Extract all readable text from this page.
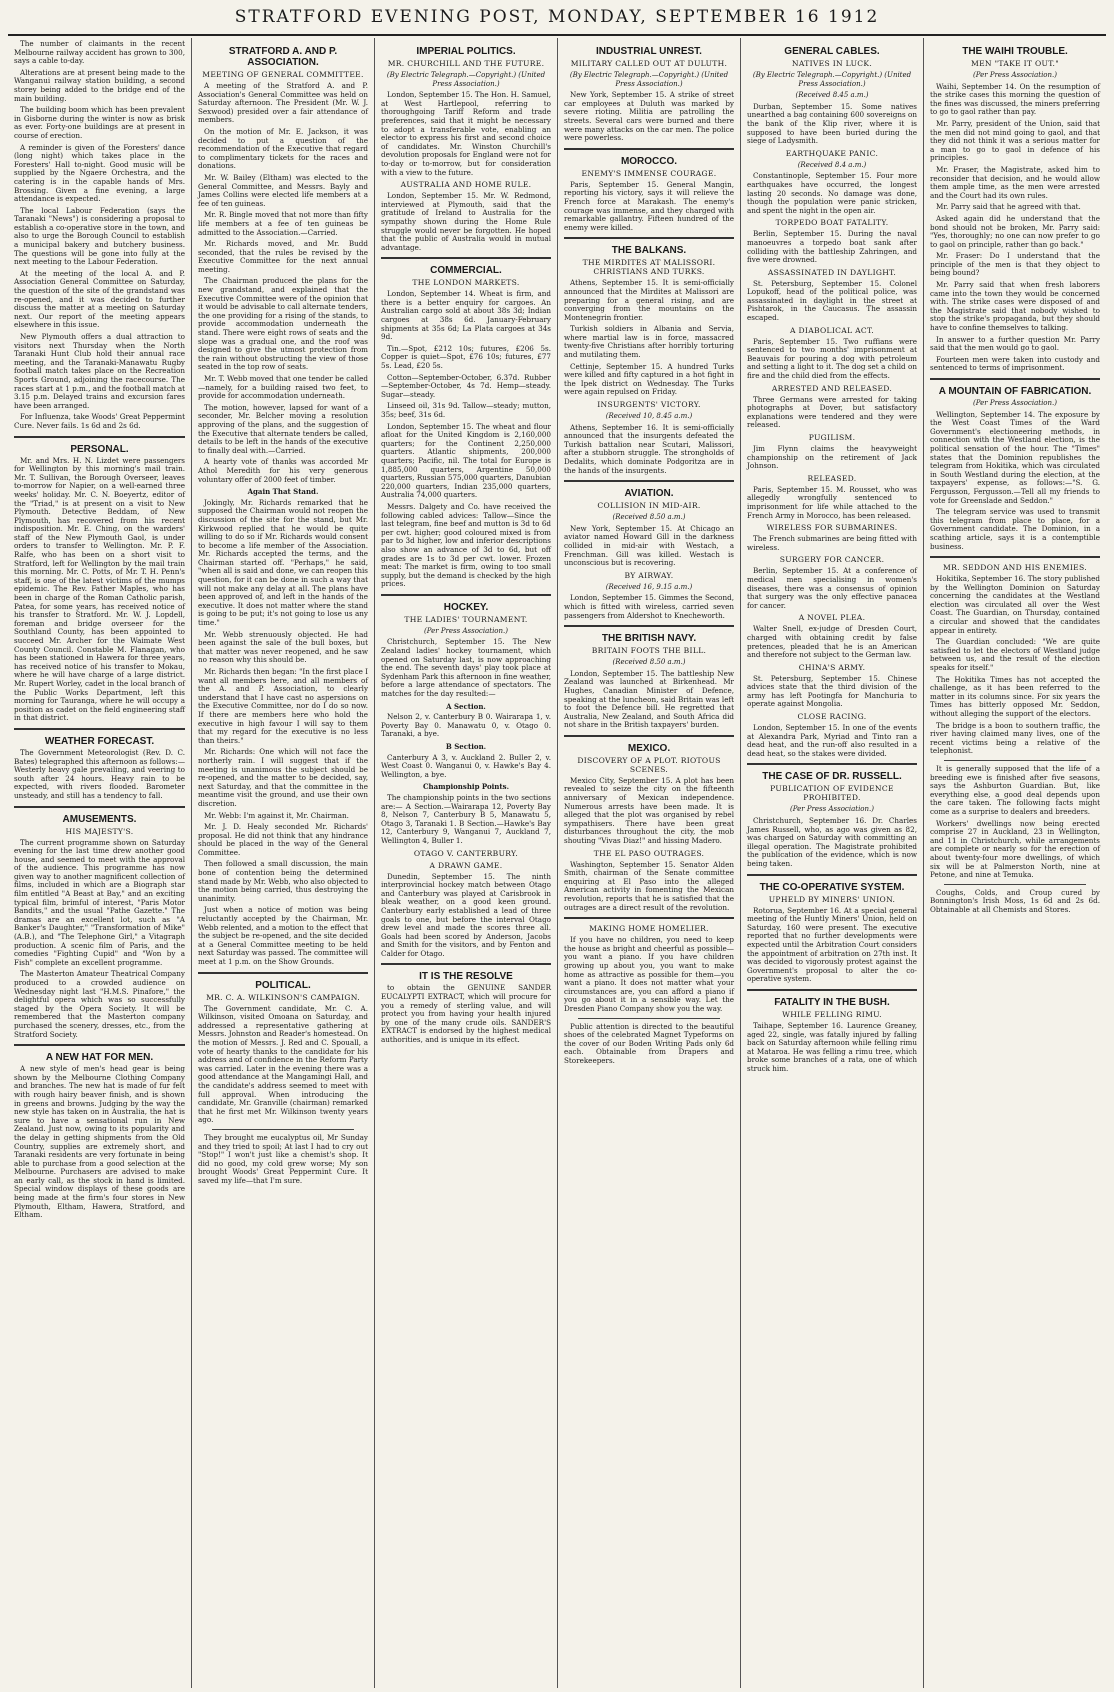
STRATFORD EVENING POST, MONDAY, SEPTEMBER 16 1912

The number of claimants in the recent Melbourne railway accident has grown to 300, says a cable to-day.

Alterations are at present being made to the Wanganui railway station building, a second storey being added to the bridge end of the main building.

The building boom which has been prevalent in Gisborne during the winter is now as brisk as ever. Forty-one buildings are at present in course of erection.

A reminder is given of the Foresters' dance (long night) which takes place in the Foresters' Hall to-night. Good music will be supplied by the Ngaere Orchestra, and the catering is in the capable hands of Mrs. Brossing. Given a fine evening, a large attendance is expected.

The local Labour Federation (says the Taranaki "News") is considering a proposal to establish a co-operative store in the town, and also to urge the Borough Council to establish a municipal bakery and butchery business. The questions will be gone into fully at the next meeting to the Labour Federation.

At the meeting of the local A. and P. Association General Committee on Saturday, the question of the site of the grandstand was re-opened, and it was decided to further discuss the matter at a meeting on Saturday next. Our report of the meeting appears elsewhere in this issue.

New Plymouth offers a dual attraction to visitors next Thursday when the North Taranaki Hunt Club hold their annual race meeting, and the Taranaki-Manawatu Rugby football match takes place on the Recreation Sports Ground, adjoining the racecourse. The races start at 1 p.m., and the football match at 3.15 p.m. Delayed trains and excursion fares have been arranged.

For Influenza, take Woods' Great Peppermint Cure. Never fails. 1s 6d and 2s 6d.

PERSONAL.

Mr. and Mrs. H. N. Lizdet were passengers for Wellington by this morning's mail train. Mr. T. Sullivan, the Borough Overseer, leaves to-morrow for Napier, on a well-earned three weeks' holiday. Mr. C. N. Boeyertz, editor of the "Triad," is at present on a visit to New Plymouth. Detective Beddam, of New Plymouth, has recovered from his recent indisposition. Mr. E. Ching, on the warders' staff of the New Plymouth Gaol, is under orders to transfer to Wellington. Mr. P. F. Ralfe, who has been on a short visit to Stratford, left for Wellington by the mail train this morning. Mr. C. Potts, of Mr. T. H. Penn's staff, is one of the latest victims of the mumps epidemic. The Rev. Father Maples, who has been in charge of the Roman Catholic parish, Patea, for some years, has received notice of his transfer to Stratford. Mr. W. J. Lopdell, foreman and bridge overseer for the Southland County, has been appointed to succeed Mr. Archer for the Waimate West County Council. Constable M. Flanagan, who has been stationed in Hawera for three years, has received notice of his transfer to Mokau, where he will have charge of a large district. Mr. Rupert Worley, cadet in the local branch of the Public Works Department, left this morning for Tauranga, where he will occupy a position as cadet on the field engineering staff in that district.

WEATHER FORECAST.

The Government Meteorologist (Rev. D. C. Bates) telegraphed this afternoon as follows:— Westerly heavy gale prevailing, and veering to south after 24 hours. Heavy rain to be expected, with rivers flooded. Barometer unsteady, and still has a tendency to fall.

AMUSEMENTS.
HIS MAJESTY'S.

The current programme shown on Saturday evening for the last time drew another good house, and seemed to meet with the approval of the audience. This programme has now given way to another magnificent collection of films, included in which are a Biograph star film entitled "A Beast at Bay," and an exciting typical film, brimful of interest, "Paris Motor Bandits," and the usual "Pathe Gazette." The dramas are an excellent lot, such as "A Banker's Daughter," "Transformation of Mike" (A.B.), and "The Telephone Girl," a Vitagraph production. A scenic film of Paris, and the comedies "Fighting Cupid" and "Won by a Fish" complete an excellent programme.

The Masterton Amateur Theatrical Company produced to a crowded audience on Wednesday night last "H.M.S. Pinafore," the delightful opera which was so successfully staged by the Opera Society. It will be remembered that the Masterton company purchased the scenery, dresses, etc., from the Stratford Society.

A NEW HAT FOR MEN.

A new style of men's head gear is being shown by the Melbourne Clothing Company and branches. The new hat is made of fur felt with rough hairy beaver finish, and is shown in greens and browns. Judging by the way the new style has taken on in Australia, the hat is sure to have a sensational run in New Zealand. Just now, owing to its popularity and the delay in getting shipments from the Old Country, supplies are extremely short, and Taranaki residents are very fortunate in being able to purchase from a good selection at the Melbourne. Purchasers are advised to make an early call, as the stock in hand is limited. Special window displays of these goods are being made at the firm's four stores in New Plymouth, Eltham, Hawera, Stratford, and Eltham.

STRATFORD A. AND P. ASSOCIATION.
MEETING OF GENERAL COMMITTEE.

A meeting of the Stratford A. and P. Association's General Committee was held on Saturday afternoon. The President (Mr. W. J. Sexwood) presided over a fair attendance of members.

On the motion of Mr. E. Jackson, it was decided to put a question of the recommendation of the Executive that regard to complimentary tickets for the races and donations.

Mr. W. Bailey (Eltham) was elected to the General Committee, and Messrs. Bayly and James Collins were elected life members at a fee of ten guineas.

Mr. R. Bingle moved that not more than fifty life members at a fee of ten guineas be admitted to the Association.—Carried.

Mr. Richards moved, and Mr. Budd seconded, that the rules be revised by the Executive Committee for the next annual meeting.

The Chairman produced the plans for the new grandstand, and explained that the Executive Committee were of the opinion that it would be advisable to call alternate tenders, the one providing for a rising of the stands, to provide accommodation underneath the stand. There were eight rows of seats and the slope was a gradual one, and the roof was designed to give the utmost protection from the rain without obstructing the view of those seated in the top row of seats.

Mr. T. Webb moved that one tender be called—namely, for a building raised two feet, to provide for accommodation underneath.

The motion, however, lapsed for want of a seconder, Mr. Belcher moving a resolution approving of the plans, and the suggestion of the Executive that alternate tenders be called, details to be left in the hands of the executive to finally deal with.—Carried.

A hearty vote of thanks was accorded Mr Athol Meredith for his very generous voluntary offer of 2000 feet of timber.

Again That Stand.

Jokingly, Mr. Richards remarked that he supposed the Chairman would not reopen the discussion of the site for the stand, but Mr. Kirkwood replied that he would be quite willing to do so if Mr. Richards would consent to become a life member of the Association. Mr. Richards accepted the terms, and the Chairman started off. "Perhaps," he said, "when all is said and done, we can reopen this question, for it can be done in such a way that will not make any delay at all. The plans have been approved of, and left in the hands of the executive. It does not matter where the stand is going to be put; it's not going to lose us any time."

Mr. Webb strenuously objected. He had been against the sale of the bull boxes, but that matter was never reopened, and he saw no reason why this should be.

Mr. Richards then began: "In the first place I want all members here, and all members of the A. and P. Association, to clearly understand that I have cast no aspersions on the Executive Committee, nor do I do so now. If there are members here who hold the executive in high favour I will say to them that my regard for the executive is no less than theirs."

Mr. Richards: One which will not face the northerly rain. I will suggest that if the meeting is unanimous the subject should be re-opened, and the matter to be decided, say, next Saturday, and that the committee in the meantime visit the ground, and use their own discretion.

Mr. Webb: I'm against it, Mr. Chairman.

Mr. J. D. Healy seconded Mr. Richards' proposal. He did not think that any hindrance should be placed in the way of the General Committee.

Then followed a small discussion, the main bone of contention being the determined stand made by Mr. Webb, who also objected to the motion being carried, thus destroying the unanimity.

Just when a notice of motion was being reluctantly accepted by the Chairman, Mr. Webb relented, and a motion to the effect that the subject be re-opened, and the site decided at a General Committee meeting to be held next Saturday was passed. The committee will meet at 1 p.m. on the Show Grounds.

POLITICAL.
MR. C. A. WILKINSON'S CAMPAIGN.

The Government candidate, Mr. C. A. Wilkinson, visited Omoana on Saturday, and addressed a representative gathering at Messrs. Johnston and Reader's homestead. On the motion of Messrs. J. Red and C. Spouall, a vote of hearty thanks to the candidate for his address and of confidence in the Reform Party was carried. Later in the evening there was a good attendance at the Mangamingi Hall, and the candidate's address seemed to meet with full approval. When introducing the candidate, Mr. Granville (chairman) remarked that he first met Mr. Wilkinson twenty years ago.

They brought me eucalyptus oil, Mr Sunday and they tried to spoil; At last I had to cry out "Stop!" I won't just like a chemist's shop. It did no good, my cold grew worse; My son brought Woods' Great Peppermint Cure. It saved my life—that I'm sure.

IMPERIAL POLITICS.
MR. CHURCHILL AND THE FUTURE.
(By Electric Telegraph.—Copyright.) (United Press Association.)

London, September 15. The Hon. H. Samuel, at West Hartlepool, referring to thoroughgoing Tariff Reform and trade preferences, said that it might be necessary to adopt a transferable vote, enabling an elector to express his first and second choice of candidates. Mr. Winston Churchill's devolution proposals for England were not for to-day or to-morrow, but for consideration with a view to the future.

AUSTRALIA AND HOME RULE.

London, September 15. Mr. W. Redmond, interviewed at Plymouth, said that the gratitude of Ireland to Australia for the sympathy shown during the Home Rule struggle would never be forgotten. He hoped that the public of Australia would in mutual advantage.

COMMERCIAL.
THE LONDON MARKETS.

London, September 14. Wheat is firm, and there is a better enquiry for cargoes. An Australian cargo sold at about 38s 3d; Indian cargoes at 38s 6d. January-February shipments at 35s 6d; La Plata cargoes at 34s 9d.

Tin.—Spot, £212 10s; futures, £206 5s. Copper is quiet—Spot, £76 10s; futures, £77 5s. Lead, £20 5s.

Cotton—September-October, 6.37d. Rubber—September-October, 4s 7d. Hemp—steady. Sugar—steady.

Linseed oil, 31s 9d. Tallow—steady; mutton, 35s; beef, 31s 6d.

London, September 15. The wheat and flour afloat for the United Kingdom is 2,160,000 quarters; for the Continent 2,250,000 quarters. Atlantic shipments, 200,000 quarters; Pacific, nil. The total for Europe is 1,885,000 quarters, Argentine 50,000 quarters, Russian 575,000 quarters, Danubian 220,000 quarters, Indian 235,000 quarters, Australia 74,000 quarters.

Messrs. Dalgety and Co. have received the following cabled advices: Tallow—Since the last telegram, fine beef and mutton is 3d to 6d per cwt. higher; good coloured mixed is from par to 3d higher, low and inferior descriptions also show an advance of 3d to 6d, but off grades are 1s to 3d per cwt. lower. Frozen meat: The market is firm, owing to too small supply, but the demand is checked by the high prices.

HOCKEY.
THE LADIES' TOURNAMENT.
(Per Press Association.)

Christchurch, September 15. The New Zealand ladies' hockey tournament, which opened on Saturday last, is now approaching the end. The seventh days' play took place at Sydenham Park this afternoon in fine weather, before a large attendance of spectators. The matches for the day resulted:—

A Section.

Nelson 2, v. Canterbury B 0. Wairarapa 1, v. Poverty Bay 0. Manawatu 0, v. Otago 0. Taranaki, a bye.

B Section.

Canterbury A 3, v. Auckland 2. Buller 2, v. West Coast 0. Wanganui 0, v. Hawke's Bay 4. Wellington, a bye.

Championship Points.

The championship points in the two sections are:— A Section.—Wairarapa 12, Poverty Bay 8, Nelson 7, Canterbury B 5, Manawatu 5, Otago 3, Taranaki 1. B Section.—Hawke's Bay 12, Canterbury 9, Wanganui 7, Auckland 7, Wellington 4, Buller 1.

OTAGO V. CANTERBURY.
A DRAWN GAME.

Dunedin, September 15. The ninth interprovincial hockey match between Otago and Canterbury was played at Carisbrook in bleak weather, on a good keen ground. Canterbury early established a lead of three goals to one, but before the interval Otago drew level and made the scores three all. Goals had been scored by Anderson, Jacobs and Smith for the visitors, and by Fenton and Calder for Otago.

IT IS THE RESOLVE

to obtain the GENUINE SANDER EUCALYPTI EXTRACT, which will procure for you a remedy of sterling value, and will protect you from having your health injured by one of the many crude oils. SANDER'S EXTRACT is endorsed by the highest medical authorities, and is unique in its effect.

INDUSTRIAL UNREST.
MILITARY CALLED OUT AT DULUTH.
(By Electric Telegraph.—Copyright.) (United Press Association.)

New York, September 15. A strike of street car employees at Duluth was marked by severe rioting. Militia are patrolling the streets. Several cars were burned and there were many attacks on the car men. The police were powerless.

MOROCCO.
ENEMY'S IMMENSE COURAGE.

Paris, September 15. General Mangin, reporting his victory, says it will relieve the French force at Marakash. The enemy's courage was immense, and they charged with remarkable gallantry. Fifteen hundred of the enemy were killed.

THE BALKANS.
THE MIRDITES AT MALISSORI. CHRISTIANS AND TURKS.

Athens, September 15. It is semi-officially announced that the Mirdites at Malissori are preparing for a general rising, and are converging from the mountains on the Montenegrin frontier.

Turkish soldiers in Albania and Servia, where martial law is in force, massacred twenty-five Christians after horribly torturing and mutilating them.

Cettinje, September 15. A hundred Turks were killed and fifty captured in a hot fight in the Ipek district on Wednesday. The Turks were again repulsed on Friday.

INSURGENTS' VICTORY.
(Received 10, 8.45 a.m.)

Athens, September 16. It is semi-officially announced that the insurgents defeated the Turkish battalion near Scutari, Malissori, after a stubborn struggle. The strongholds of Dedalits, which dominate Podgoritza are in the hands of the insurgents.

AVIATION.
COLLISION IN MID-AIR.
(Received 8.50 a.m.)

New York, September 15. At Chicago an aviator named Howard Gill in the darkness collided in mid-air with Westach, a Frenchman. Gill was killed. Westach is unconscious but is recovering.

BY AIRWAY.
(Received 16, 9.15 a.m.)

London, September 15. Gimmes the Second, which is fitted with wireless, carried seven passengers from Aldershot to Knecheworth.

THE BRITISH NAVY.
BRITAIN FOOTS THE BILL.
(Received 8.50 a.m.)

London, September 15. The battleship New Zealand was launched at Birkenhead. Mr Hughes, Canadian Minister of Defence, speaking at the luncheon, said Britain was left to foot the Defence bill. He regretted that Australia, New Zealand, and South Africa did not share in the British taxpayers' burden.

MEXICO.
DISCOVERY OF A PLOT. RIOTOUS SCENES.

Mexico City, September 15. A plot has been revealed to seize the city on the fifteenth anniversary of Mexican independence. Numerous arrests have been made. It is alleged that the plot was organised by rebel sympathisers. There have been great disturbances throughout the city, the mob shouting "Vivas Diaz!" and hissing Madero.

THE EL PASO OUTRAGES.

Washington, September 15. Senator Alden Smith, chairman of the Senate committee enquiring at El Paso into the alleged American activity in fomenting the Mexican revolution, reports that he is satisfied that the outrages are a direct result of the revolution.

MAKING HOME HOMELIER.

If you have no children, you need to keep the house as bright and cheerful as possible—you want a piano. If you have children growing up about you, you want to make home as attractive as possible for them—you want a piano. It does not matter what your circumstances are, you can afford a piano if you go about it in a sensible way. Let the Dresden Piano Company show you the way.

Public attention is directed to the beautiful shoes of the celebrated Magnet Typeforms on the cover of our Boden Writing Pads only 6d each. Obtainable from Drapers and Storekeepers.

GENERAL CABLES.
NATIVES IN LUCK.
(By Electric Telegraph.—Copyright.) (United Press Association.)
(Received 8.45 a.m.)

Durban, September 15. Some natives unearthed a bag containing 600 sovereigns on the bank of the Klip river, where it is supposed to have been buried during the siege of Ladysmith.

EARTHQUAKE PANIC.
(Received 8.4 a.m.)

Constantinople, September 15. Four more earthquakes have occurred, the longest lasting 20 seconds. No damage was done, though the population were panic stricken, and spent the night in the open air.

TORPEDO BOAT FATALITY.

Berlin, September 15. During the naval manoeuvres a torpedo boat sank after colliding with the battleship Zahringen, and five were drowned.

ASSASSINATED IN DAYLIGHT.

St. Petersburg, September 15. Colonel Lopukoff, head of the political police, was assassinated in daylight in the street at Pishtarok, in the Caucasus. The assassin escaped.

A DIABOLICAL ACT.

Paris, September 15. Two ruffians were sentenced to two months' imprisonment at Beauvais for pouring a dog with petroleum and setting a light to it. The dog set a child on fire and the child died from the effects.

ARRESTED AND RELEASED.

Three Germans were arrested for taking photographs at Dover, but satisfactory explanations were tendered and they were released.

PUGILISM.

Jim Flynn claims the heavyweight championship on the retirement of Jack Johnson.

RELEASED.

Paris, September 15. M. Rousset, who was allegedly wrongfully sentenced to imprisonment for life while attached to the French Army in Morocco, has been released.

WIRELESS FOR SUBMARINES.

The French submarines are being fitted with wireless.

SURGERY FOR CANCER.

Berlin, September 15. At a conference of medical men specialising in women's diseases, there was a consensus of opinion that surgery was the only effective panacea for cancer.

A NOVEL PLEA.

Walter Snell, ex-judge of Dresden Court, charged with obtaining credit by false pretences, pleaded that he is an American and therefore not subject to the German law.

CHINA'S ARMY.

St. Petersburg, September 15. Chinese advices state that the third division of the army has left Pootingfa for Manchuria to operate against Mongolia.

CLOSE RACING.

London, September 15. In one of the events at Alexandra Park, Myriad and Tinto ran a dead heat, and the run-off also resulted in a dead heat, so the stakes were divided.

THE CASE OF DR. RUSSELL.
PUBLICATION OF EVIDENCE PROHIBITED.
(Per Press Association.)

Christchurch, September 16. Dr. Charles James Russell, who, as ago was given as 82, was charged on Saturday with committing an illegal operation. The Magistrate prohibited the publication of the evidence, which is now being taken.

THE CO-OPERATIVE SYSTEM.
UPHELD BY MINERS' UNION.

Rotorua, September 16. At a special general meeting of the Huntly Miners' Union, held on Saturday, 160 were present. The executive reported that no further developments were expected until the Arbitration Court considers the appointment of arbitration on 27th inst. It was decided to vigorously protest against the Government's proposal to alter the co-operative system.

FATALITY IN THE BUSH.
WHILE FELLING RIMU.

Taihape, September 16. Laurence Greaney, aged 22, single, was fatally injured by falling back on Saturday afternoon while felling rimu at Mataroa. He was felling a rimu tree, which broke some branches of a rata, one of which struck him.

THE WAIHI TROUBLE.
MEN "TAKE IT OUT."
(Per Press Association.)

Waihi, September 14. On the resumption of the strike cases this morning the question of the fines was discussed, the miners preferring to go to gaol rather than pay.

Mr. Parry, president of the Union, said that the men did not mind going to gaol, and that they did not think it was a serious matter for a man to go to gaol in defence of his principles.

Mr. Fraser, the Magistrate, asked him to reconsider that decision, and he would allow them ample time, as the men were arrested and the Court had its own rules.

Mr. Parry said that he agreed with that.

Asked again did he understand that the bond should not be broken, Mr. Parry said: "Yes, thoroughly; no one can now prefer to go to gaol on principle, rather than go back."

Mr. Fraser: Do I understand that the principle of the men is that they object to being bound?

Mr. Parry said that when fresh laborers came into the town they would be concerned with. The strike cases were disposed of and the Magistrate said that nobody wished to stop the strike's propaganda, but they should have to confine themselves to talking.

In answer to a further question Mr. Parry said that the men would go to gaol.

Fourteen men were taken into custody and sentenced to terms of imprisonment.

A MOUNTAIN OF FABRICATION.
(Per Press Association.)

Wellington, September 14. The exposure by the West Coast Times of the Ward Government's electioneering methods, in connection with the Westland election, is the political sensation of the hour. The "Times" states that the Dominion republishes the telegram from Hokitika, which was circulated in South Westland during the election, at the taxpayers' expense, as follows:—"S. G. Fergusson, Fergusson.—Tell all my friends to vote for Greenslade and Seddon."

The telegram service was used to transmit this telegram from place to place, for a Government candidate. The Dominion, in a scathing article, says it is a contemptible business.

MR. SEDDON AND HIS ENEMIES.

Hokitika, September 16. The story published by the Wellington Dominion on Saturday concerning the candidates at the Westland election was circulated all over the West Coast. The Guardian, on Thursday, contained a circular and showed that the candidates appear in entirety.

The Guardian concluded: "We are quite satisfied to let the electors of Westland judge between us, and the result of the election speaks for itself."

The Hokitika Times has not accepted the challenge, as it has been referred to the matter in its columns since. For six years the Times has bitterly opposed Mr. Seddon, without alleging the support of the electors.

The bridge is a boon to southern traffic, the river having claimed many lives, one of the recent victims being a relative of the telephonist.

It is generally supposed that the life of a breeding ewe is finished after five seasons, says the Ashburton Guardian. But, like everything else, a good deal depends upon the care taken. The following facts might come as a surprise to dealers and breeders.

Workers' dwellings now being erected comprise 27 in Auckland, 23 in Wellington, and 11 in Christchurch, while arrangements are complete or nearly so for the erection of about twenty-four more dwellings, of which six will be at Palmerston North, nine at Petone, and nine at Temuka.

Coughs, Colds, and Croup cured by Bonnington's Irish Moss, 1s 6d and 2s 6d. Obtainable at all Chemists and Stores.
